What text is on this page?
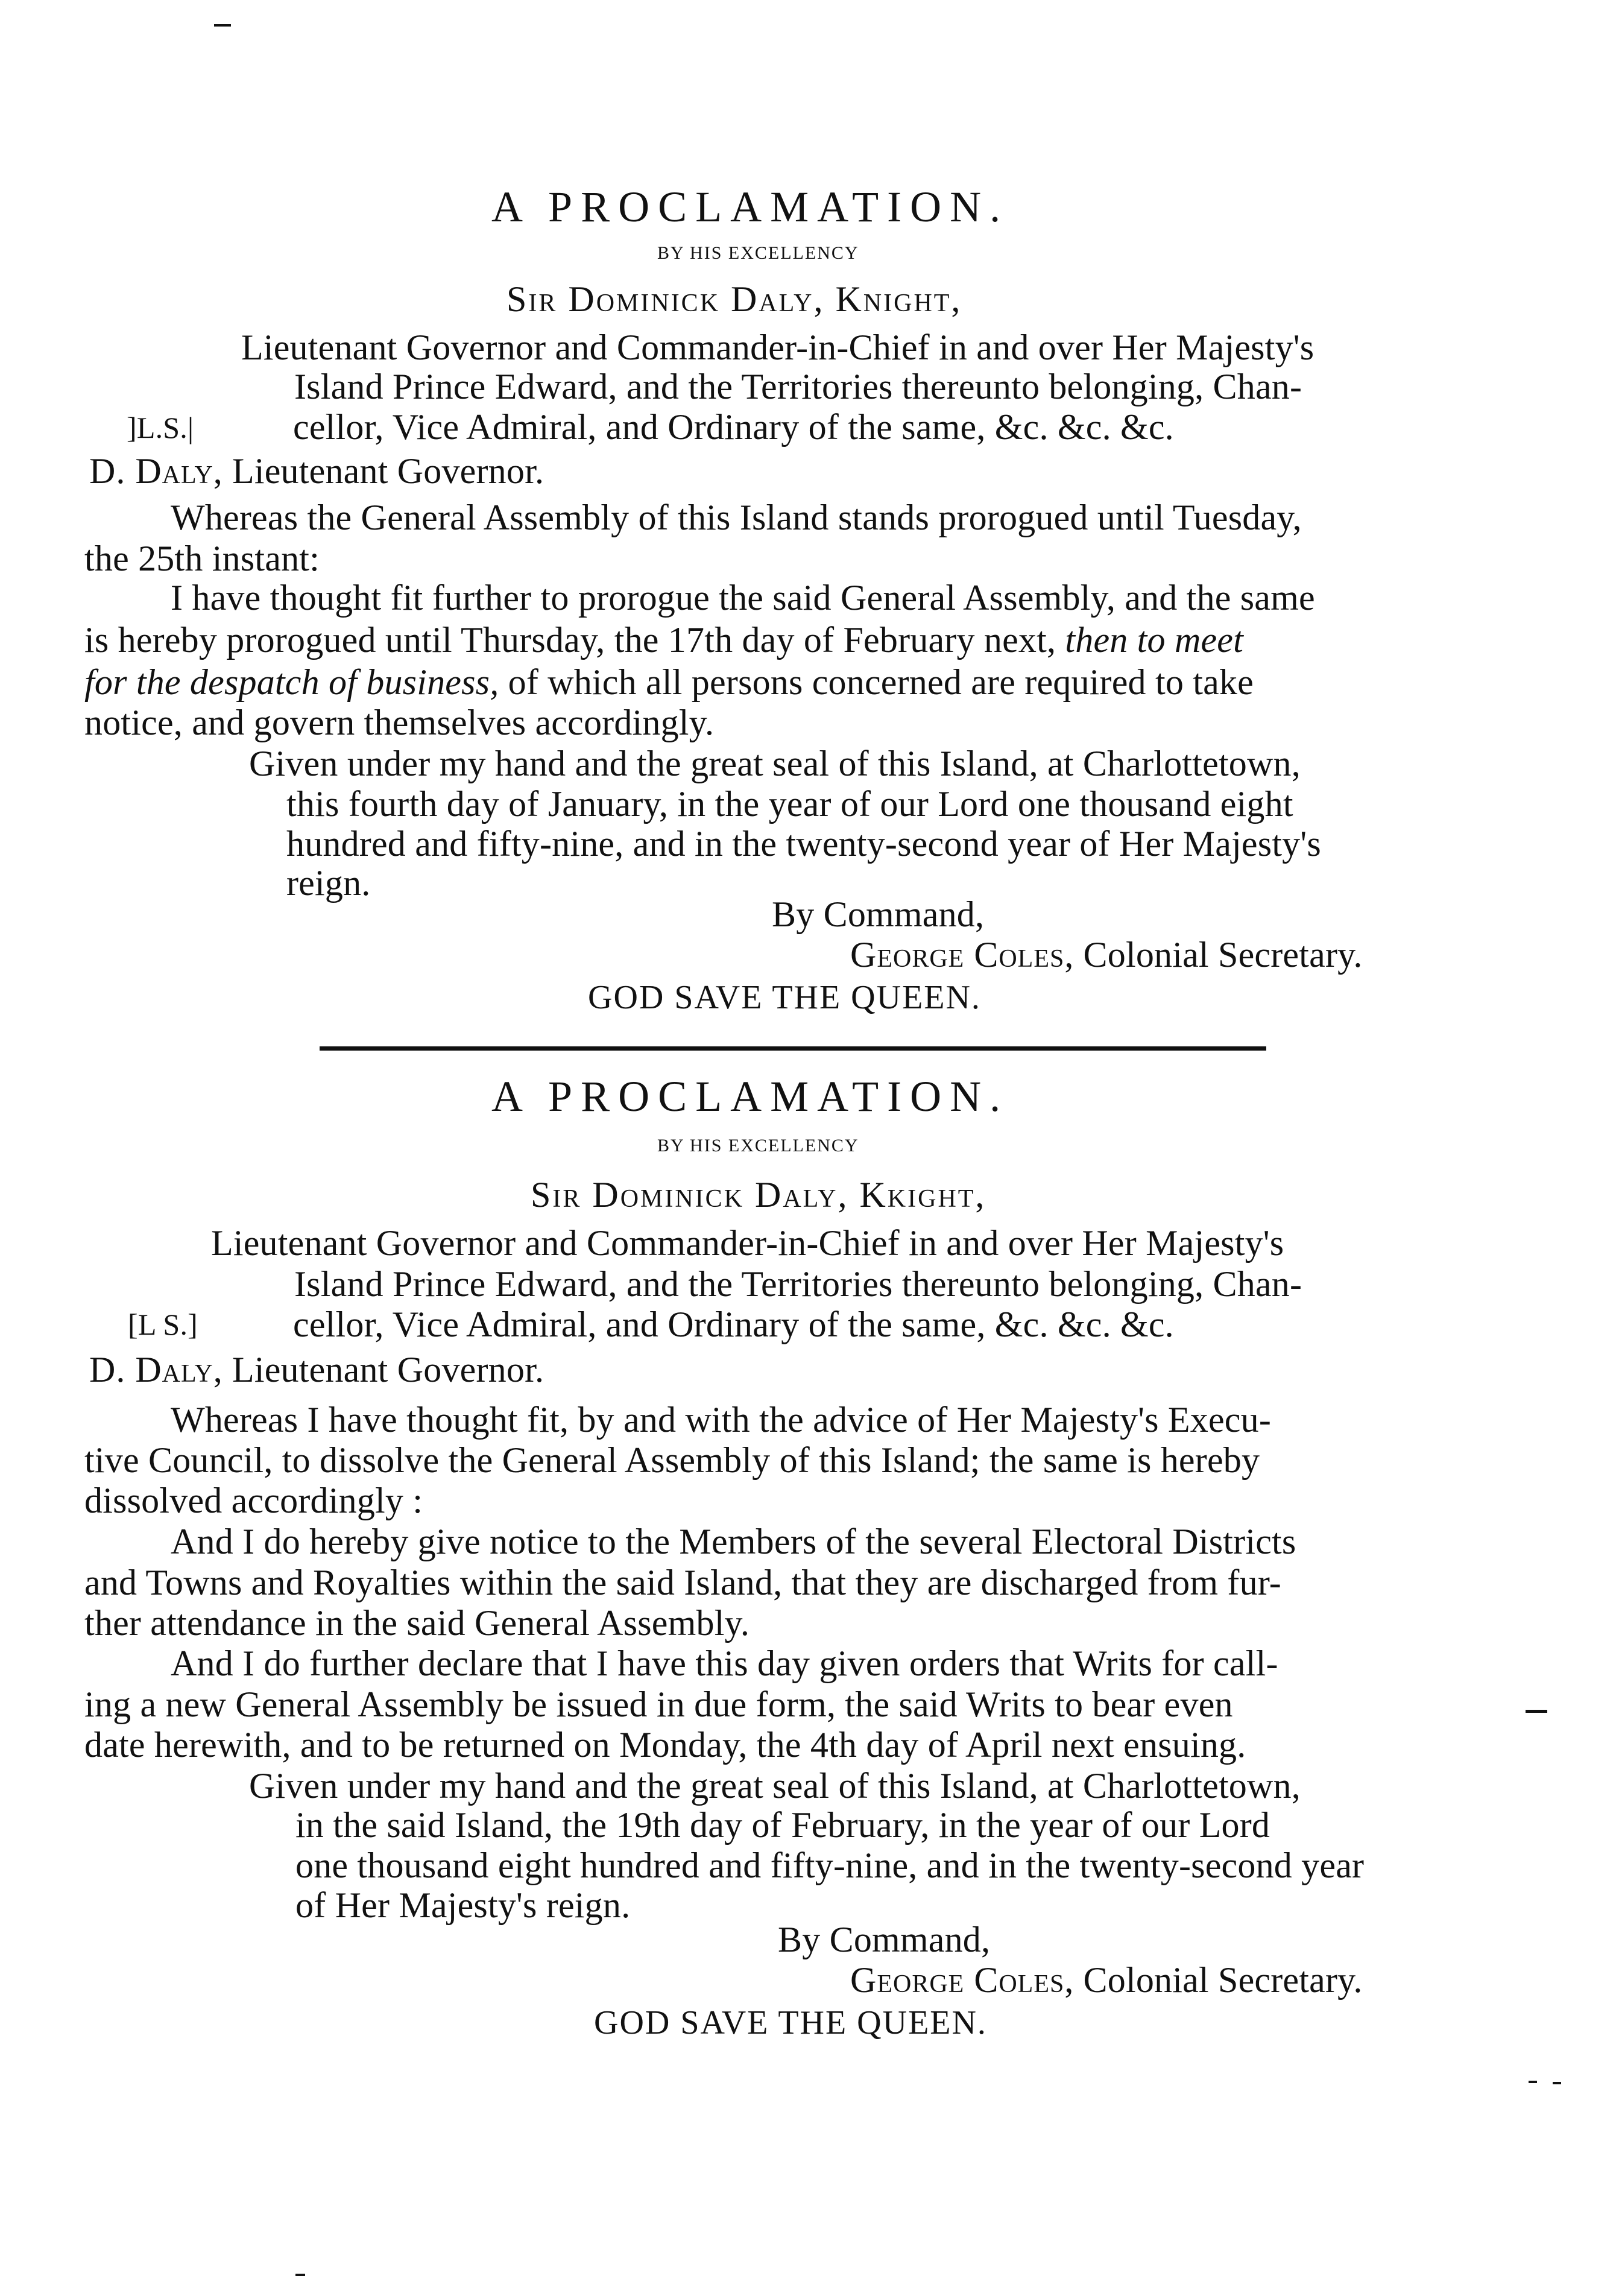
A PROCLAMATION.
BY HIS EXCELLENCY
Sir Dominick Daly, Knight,
Lieutenant Governor and Commander-in-Chief in and over Her Majesty's
Island Prince Edward, and the Territories thereunto belonging, Chan-
]L.S.|	cellor, Vice Admiral, and Ordinary of the same, &c. &c. &c.
D. Daly, Lieutenant Governor.
Whereas the General Assembly of this Island stands prorogued until Tuesday,
the 25th instant:
I have thought fit further to prorogue the said General Assembly, and the same
is hereby prorogued until Thursday, the 17th day of February next, then to meet
for the despatch of business, of which all persons concerned are required to take
notice, and govern themselves accordingly.
Given under my hand and the great seal of this Island, at Charlottetown,
this fourth day of January, in the year of our Lord one thousand eight
hundred and fifty-nine, and in the twenty-second year of Her Majesty's
reign.
By Command,
George Coles, Colonial Secretary.
GOD SAVE THE QUEEN.
A PROCLAMATION.
BY HIS EXCELLENCY
Sir Dominick Daly, Kkight,
Lieutenant Governor and Commander-in-Chief in and over Her Majesty's
Island Prince Edward, and the Territories thereunto belonging, Chan-
[L S.]	cellor, Vice Admiral, and Ordinary of the same, &c. &c. &c.
D. Daly, Lieutenant Governor.
Whereas I have thought fit, by and with the advice of Her Majesty's Execu-
tive Council, to dissolve the General Assembly of this Island; the same is hereby
dissolved accordingly :
And I do hereby give notice to the Members of the several Electoral Districts
and Towns and Royalties within the said Island, that they are discharged from fur-
ther attendance in the said General Assembly.
And I do further declare that I have this day given orders that Writs for call-
ing a new General Assembly be issued in due form, the said Writs to bear even
date herewith, and to be returned on Monday, the 4th day of April next ensuing.
Given under my hand and the great seal of this Island, at Charlottetown,
in the said Island, the 19th day of February, in the year of our Lord
one thousand eight hundred and fifty-nine, and in the twenty-second year
of Her Majesty's reign.
By Command,
George Coles, Colonial Secretary.
GOD SAVE THE QUEEN.
